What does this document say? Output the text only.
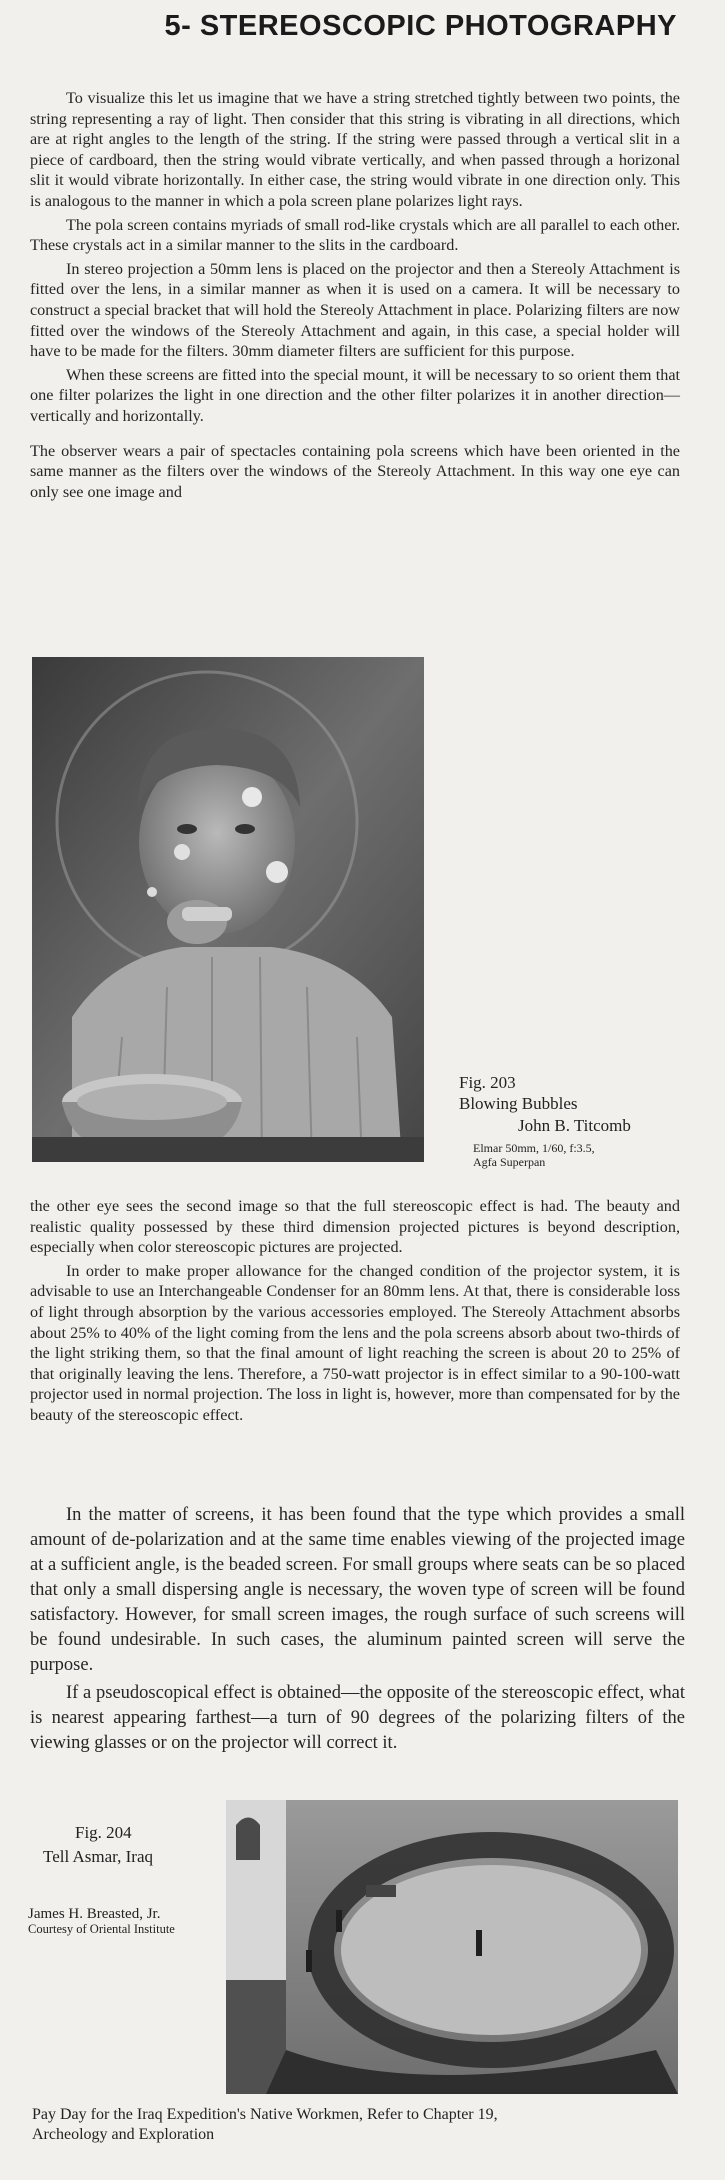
5- STEREOSCOPIC PHOTOGRAPHY

To visualize this let us imagine that we have a string stretched tightly between two points, the string representing a ray of light. Then consider that this string is vibrating in all directions, which are at right angles to the length of the string. If the string were passed through a vertical slit in a piece of cardboard, then the string would vibrate vertically, and when passed through a horizonal slit it would vibrate horizontally. In either case, the string would vibrate in one direction only. This is analogous to the manner in which a pola screen plane polarizes light rays.

The pola screen contains myriads of small rod-like crystals which are all parallel to each other. These crystals act in a similar manner to the slits in the cardboard.

In stereo projection a 50mm lens is placed on the projector and then a Stereoly Attachment is fitted over the lens, in a similar manner as when it is used on a camera. It will be necessary to construct a special bracket that will hold the Stereoly Attachment in place. Polarizing filters are now fitted over the windows of the Stereoly Attachment and again, in this case, a special holder will have to be made for the filters. 30mm diameter filters are sufficient for this purpose.

When these screens are fitted into the special mount, it will be necessary to so orient them that one filter polarizes the light in one direction and the other filter polarizes it in another direction—vertically and horizontally.

The observer wears a pair of spectacles containing pola screens which have been oriented in the same manner as the filters over the windows of the Stereoly Attachment. In this way one eye can only see one image and

Fig. 203
Blowing Bubbles
John B. Titcomb
Elmar 50mm, 1/60, f:3.5,
Agfa Superpan

the other eye sees the second image so that the full stereoscopic effect is had. The beauty and realistic quality possessed by these third dimension projected pictures is beyond description, especially when color stereoscopic pictures are projected.

In order to make proper allowance for the changed condition of the projector system, it is advisable to use an Interchangeable Condenser for an 80mm lens. At that, there is considerable loss of light through absorption by the various accessories employed. The Stereoly Attachment absorbs about 25% to 40% of the light coming from the lens and the pola screens absorb about two-thirds of the light striking them, so that the final amount of light reaching the screen is about 20 to 25% of that originally leaving the lens. Therefore, a 750-watt projector is in effect similar to a 90-100-watt projector used in normal projection. The loss in light is, however, more than compensated for by the beauty of the stereoscopic effect.

In the matter of screens, it has been found that the type which provides a small amount of de-polarization and at the same time enables viewing of the projected image at a sufficient angle, is the beaded screen. For small groups where seats can be so placed that only a small dispersing angle is necessary, the woven type of screen will be found satisfactory. However, for small screen images, the rough surface of such screens will be found undesirable. In such cases, the aluminum painted screen will serve the purpose.

If a pseudoscopical effect is obtained—the opposite of the stereoscopic effect, what is nearest appearing farthest—a turn of 90 degrees of the polarizing filters of the viewing glasses or on the projector will correct it.

Fig. 204
Tell Asmar, Iraq
James H. Breasted, Jr.
Courtesy of Oriental Institute
Pay Day for the Iraq Expedition's Native Workmen, Refer to Chapter 19,
Archeology and Exploration
